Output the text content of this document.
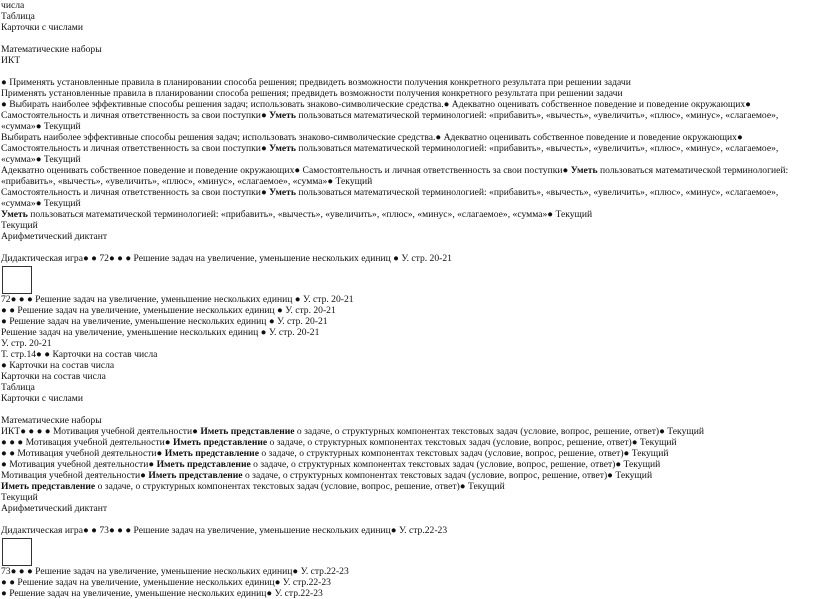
числа
Таблица
Карточки с числами
Математические наборы
ИКТ
● Применять установленные правила в планировании способа решения; предвидеть возможности получения конкретного результата при решении задачи
Применять установленные правила в планировании способа решения; предвидеть возможности получения конкретного результата при решении задачи
● Выбирать наиболее эффективные способы решения задач; использовать знаково-символические средства.● Адекватно оценивать собственное поведение и поведение окружающих● Самостоятельность и личная ответственность за свои поступки● Уметь пользоваться математической терминологией: «прибавить», «вычесть», «увеличить», «плюс», «минус», «слагаемое», «сумма»● Текущий
Выбирать наиболее эффективные способы решения задач; использовать знаково-символические средства.● Адекватно оценивать собственное поведение и поведение окружающих● Самостоятельность и личная ответственность за свои поступки● Уметь пользоваться математической терминологией: «прибавить», «вычесть», «увеличить», «плюс», «минус», «слагаемое», «сумма»● Текущий
Адекватно оценивать собственное поведение и поведение окружающих● Самостоятельность и личная ответственность за свои поступки● Уметь пользоваться математической терминологией: «прибавить», «вычесть», «увеличить», «плюс», «минус», «слагаемое», «сумма»● Текущий
Самостоятельность и личная ответственность за свои поступки● Уметь пользоваться математической терминологией: «прибавить», «вычесть», «увеличить», «плюс», «минус», «слагаемое», «сумма»● Текущий
Уметь пользоваться математической терминологией: «прибавить», «вычесть», «увеличить», «плюс», «минус», «слагаемое», «сумма»● Текущий
Текущий
Арифметический диктант
Дидактическая игра● ● 72● ● ● Решение задач на увеличение, уменьшение нескольких единиц ● У. стр. 20-21
72● ● ● Решение задач на увеличение, уменьшение нескольких единиц ● У. стр. 20-21
● ● Решение задач на увеличение, уменьшение нескольких единиц ● У. стр. 20-21
● Решение задач на увеличение, уменьшение нескольких единиц ● У. стр. 20-21
Решение задач на увеличение, уменьшение нескольких единиц ● У. стр. 20-21
У. стр. 20-21
Т. стр.14● ● Карточки на состав числа
● Карточки на состав числа
Карточки на состав числа
Таблица
Карточки с числами
Математические наборы
ИКТ● ● ● ● Мотивация учебной деятельности● Иметь представление о задаче, о структурных компонентах текстовых задач (условие, вопрос, решение, ответ)● Текущий
● ● ● Мотивация учебной деятельности● Иметь представление о задаче, о структурных компонентах текстовых задач (условие, вопрос, решение, ответ)● Текущий
● ● Мотивация учебной деятельности● Иметь представление о задаче, о структурных компонентах текстовых задач (условие, вопрос, решение, ответ)● Текущий
● Мотивация учебной деятельности● Иметь представление о задаче, о структурных компонентах текстовых задач (условие, вопрос, решение, ответ)● Текущий
Мотивация учебной деятельности● Иметь представление о задаче, о структурных компонентах текстовых задач (условие, вопрос, решение, ответ)● Текущий
Иметь представление о задаче, о структурных компонентах текстовых задач (условие, вопрос, решение, ответ)● Текущий
Текущий
Арифметический диктант
Дидактическая игра● ● 73● ● ● Решение задач на увеличение, уменьшение нескольких единиц● У. стр.22-23
73● ● ● Решение задач на увеличение, уменьшение нескольких единиц● У. стр.22-23
● ● Решение задач на увеличение, уменьшение нескольких единиц● У. стр.22-23
● Решение задач на увеличение, уменьшение нескольких единиц● У. стр.22-23
